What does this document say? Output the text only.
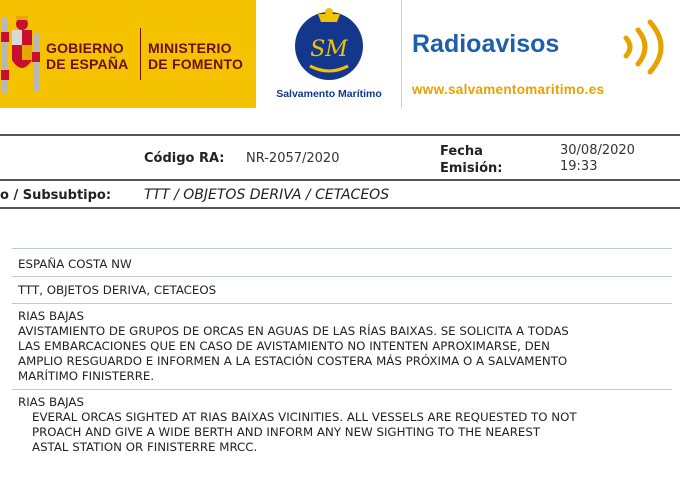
GOBIERNO
DE ESPAÑA
MINISTERIO
DE FOMENTO
SM
Salvamento Marítimo
Radioavisos
www.salvamentomaritimo.es
Código RA: NR-2057/2020	Fecha
Emisión:
30/08/2020
19:33
o / Subsubtipo: TTT / OBJETOS DERIVA / CETACEOS
ESPAÑA COSTA NW
TTT, OBJETOS DERIVA, CETACEOS
RIAS BAJAS
AVISTAMIENTO DE GRUPOS DE ORCAS EN AGUAS DE LAS RÍAS BAIXAS. SE SOLICITA A TODAS
LAS EMBARCACIONES QUE EN CASO DE AVISTAMIENTO NO INTENTEN APROXIMARSE, DEN
AMPLIO RESGUARDO E INFORMEN A LA ESTACIÓN COSTERA MÁS PRÓXIMA O A SALVAMENTO
MARÍTIMO FINISTERRE.
RIAS BAJAS
EVERAL ORCAS SIGHTED AT RIAS BAIXAS VICINITIES. ALL VESSELS ARE REQUESTED TO NOT
PROACH AND GIVE A WIDE BERTH AND INFORM ANY NEW SIGHTING TO THE NEAREST
ASTAL STATION OR FINISTERRE MRCC.
